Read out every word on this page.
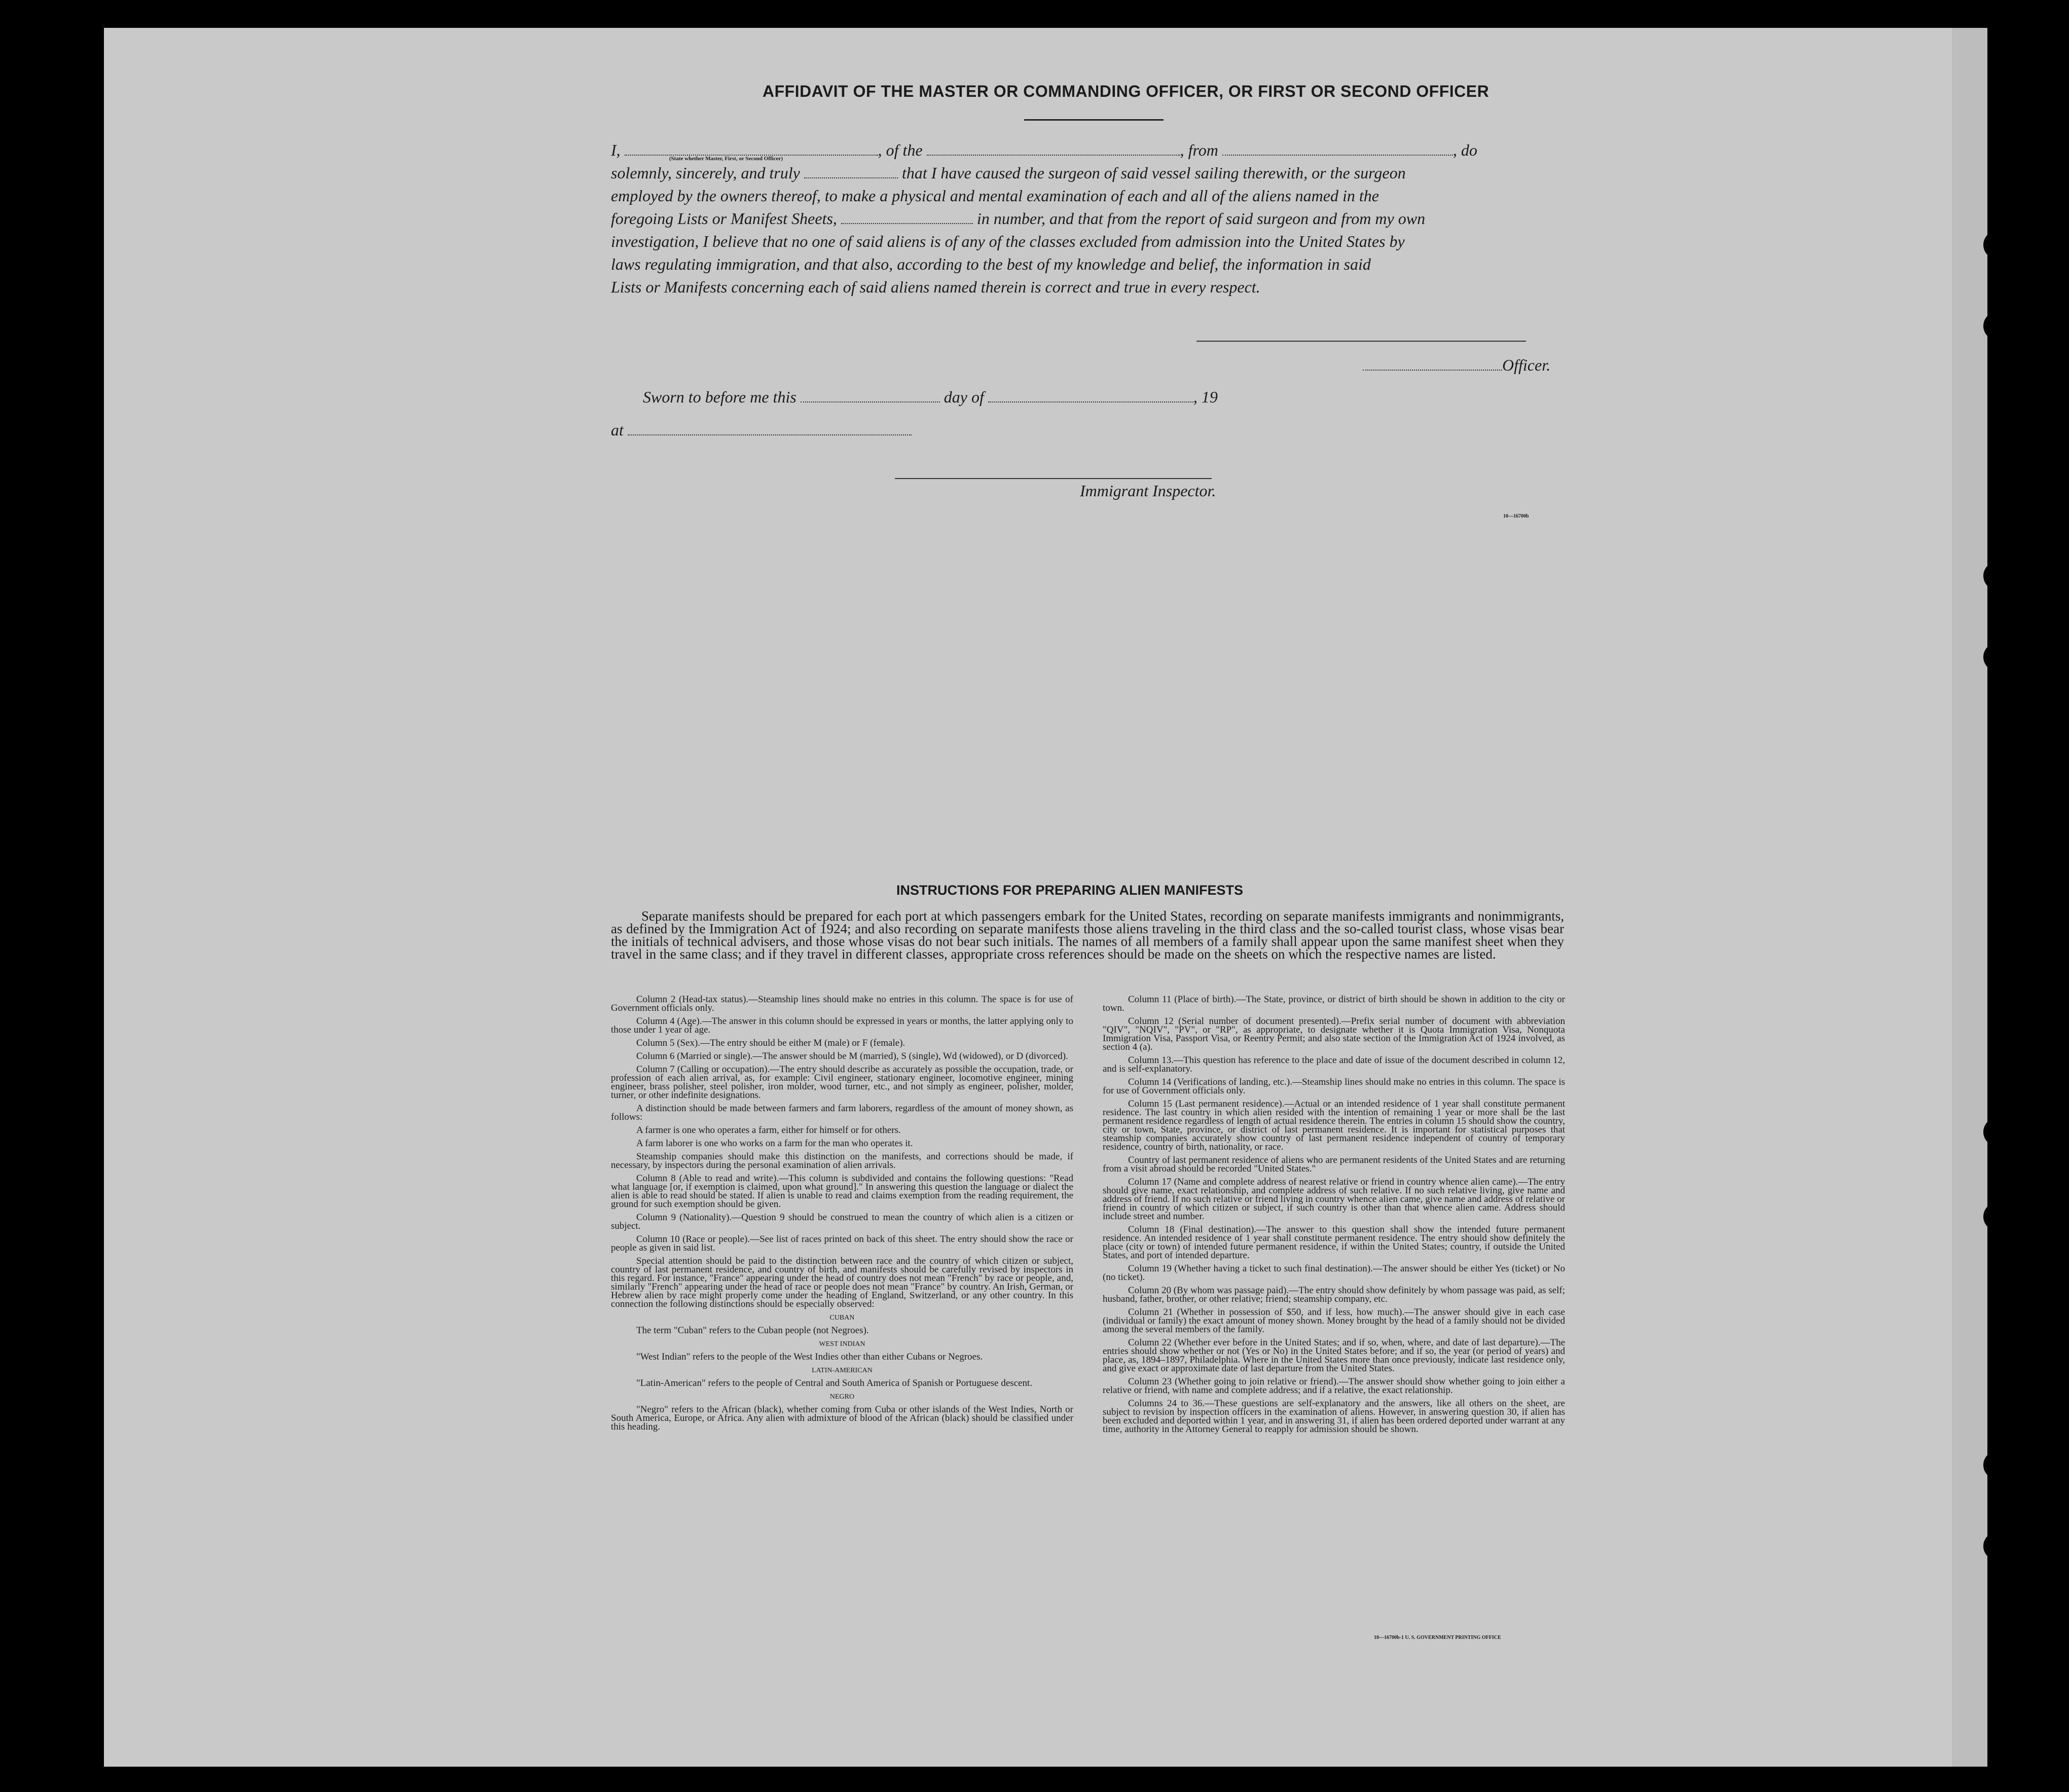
AFFIDAVIT OF THE MASTER OR COMMANDING OFFICER, OR FIRST OR SECOND OFFICER
I,	, of the	, from	, do
(State whether Master, First, or Second Officer)
solemnly, sincerely, and truly	that I have caused the surgeon of said vessel sailing therewith, or the surgeon
employed by the owners thereof, to make a physical and mental examination of each and all of the aliens named in the
foregoing Lists or Manifest Sheets,	in number, and that from the report of said surgeon and from my own
investigation, I believe that no one of said aliens is of any of the classes excluded from admission into the United States by
laws regulating immigration, and that also, according to the best of my knowledge and belief, the information in said
Lists or Manifests concerning each of said aliens named therein is correct and true in every respect.
Officer.
Sworn to before me this	day of	, 19
at
Immigrant Inspector.
10—16700b
INSTRUCTIONS FOR PREPARING ALIEN MANIFESTS

Separate manifests should be prepared for each port at which passengers embark for the United States, recording on separate manifests immigrants and nonimmigrants, as defined by the Immigration Act of 1924; and also recording on separate manifests those aliens traveling in the third class and the so-called tourist class, whose visas bear the initials of technical advisers, and those whose visas do not bear such initials. The names of all members of a family shall appear upon the same manifest sheet when they travel in the same class; and if they travel in different classes, appropriate cross references should be made on the sheets on which the respective names are listed.

Column 2 (Head-tax status).—Steamship lines should make no entries in this column. The space is for use of Government officials only.

Column 4 (Age).—The answer in this column should be expressed in years or months, the latter applying only to those under 1 year of age.

Column 5 (Sex).—The entry should be either M (male) or F (female).

Column 6 (Married or single).—The answer should be M (married), S (single), Wd (widowed), or D (divorced).

Column 7 (Calling or occupation).—The entry should describe as accurately as possible the occupation, trade, or profession of each alien arrival, as, for example: Civil engineer, stationary engineer, locomotive engineer, mining engineer, brass polisher, steel polisher, iron molder, wood turner, etc., and not simply as engineer, polisher, molder, turner, or other indefinite designations.

A distinction should be made between farmers and farm laborers, regardless of the amount of money shown, as follows:

A farmer is one who operates a farm, either for himself or for others.

A farm laborer is one who works on a farm for the man who operates it.

Steamship companies should make this distinction on the manifests, and corrections should be made, if necessary, by inspectors during the personal examination of alien arrivals.

Column 8 (Able to read and write).—This column is subdivided and contains the following questions: "Read what language [or, if exemption is claimed, upon what ground]." In answering this question the language or dialect the alien is able to read should be stated. If alien is unable to read and claims exemption from the reading requirement, the ground for such exemption should be given.

Column 9 (Nationality).—Question 9 should be construed to mean the country of which alien is a citizen or subject.

Column 10 (Race or people).—See list of races printed on back of this sheet. The entry should show the race or people as given in said list.

Special attention should be paid to the distinction between race and the country of which citizen or subject, country of last permanent residence, and country of birth, and manifests should be carefully revised by inspectors in this regard. For instance, "France" appearing under the head of country does not mean "French" by race or people, and, similarly "French" appearing under the head of race or people does not mean "France" by country. An Irish, German, or Hebrew alien by race might properly come under the heading of England, Switzerland, or any other country. In this connection the following distinctions should be especially observed:

CUBAN

The term "Cuban" refers to the Cuban people (not Negroes).

WEST INDIAN

"West Indian" refers to the people of the West Indies other than either Cubans or Negroes.

LATIN-AMERICAN

"Latin-American" refers to the people of Central and South America of Spanish or Portuguese descent.

NEGRO

"Negro" refers to the African (black), whether coming from Cuba or other islands of the West Indies, North or South America, Europe, or Africa. Any alien with admixture of blood of the African (black) should be classified under this heading.

Column 11 (Place of birth).—The State, province, or district of birth should be shown in addition to the city or town.

Column 12 (Serial number of document presented).—Prefix serial number of document with abbreviation "QIV", "NQIV", "PV", or "RP", as appropriate, to designate whether it is Quota Immigration Visa, Nonquota Immigration Visa, Passport Visa, or Reentry Permit; and also state section of the Immigration Act of 1924 involved, as section 4 (a).

Column 13.—This question has reference to the place and date of issue of the document described in column 12, and is self-explanatory.

Column 14 (Verifications of landing, etc.).—Steamship lines should make no entries in this column. The space is for use of Government officials only.

Column 15 (Last permanent residence).—Actual or an intended residence of 1 year shall constitute permanent residence. The last country in which alien resided with the intention of remaining 1 year or more shall be the last permanent residence regardless of length of actual residence therein. The entries in column 15 should show the country, city or town, State, province, or district of last permanent residence. It is important for statistical purposes that steamship companies accurately show country of last permanent residence independent of country of temporary residence, country of birth, nationality, or race.

Country of last permanent residence of aliens who are permanent residents of the United States and are returning from a visit abroad should be recorded "United States."

Column 17 (Name and complete address of nearest relative or friend in country whence alien came).—The entry should give name, exact relationship, and complete address of such relative. If no such relative living, give name and address of friend. If no such relative or friend living in country whence alien came, give name and address of relative or friend in country of which citizen or subject, if such country is other than that whence alien came. Address should include street and number.

Column 18 (Final destination).—The answer to this question shall show the intended future permanent residence. An intended residence of 1 year shall constitute permanent residence. The entry should show definitely the place (city or town) of intended future permanent residence, if within the United States; country, if outside the United States, and port of intended departure.

Column 19 (Whether having a ticket to such final destination).—The answer should be either Yes (ticket) or No (no ticket).

Column 20 (By whom was passage paid).—The entry should show definitely by whom passage was paid, as self; husband, father, brother, or other relative; friend; steamship company, etc.

Column 21 (Whether in possession of $50, and if less, how much).—The answer should give in each case (individual or family) the exact amount of money shown. Money brought by the head of a family should not be divided among the several members of the family.

Column 22 (Whether ever before in the United States; and if so, when, where, and date of last departure).—The entries should show whether or not (Yes or No) in the United States before; and if so, the year (or period of years) and place, as, 1894–1897, Philadelphia. Where in the United States more than once previously, indicate last residence only, and give exact or approximate date of last departure from the United States.

Column 23 (Whether going to join relative or friend).—The answer should show whether going to join either a relative or friend, with name and complete address; and if a relative, the exact relationship.

Columns 24 to 36.—These questions are self-explanatory and the answers, like all others on the sheet, are subject to revision by inspection officers in the examination of aliens. However, in answering question 30, if alien has been excluded and deported within 1 year, and in answering 31, if alien has been ordered deported under warrant at any time, authority in the Attorney General to reapply for admission should be shown.

10—16700b-1 U. S. GOVERNMENT PRINTING OFFICE
